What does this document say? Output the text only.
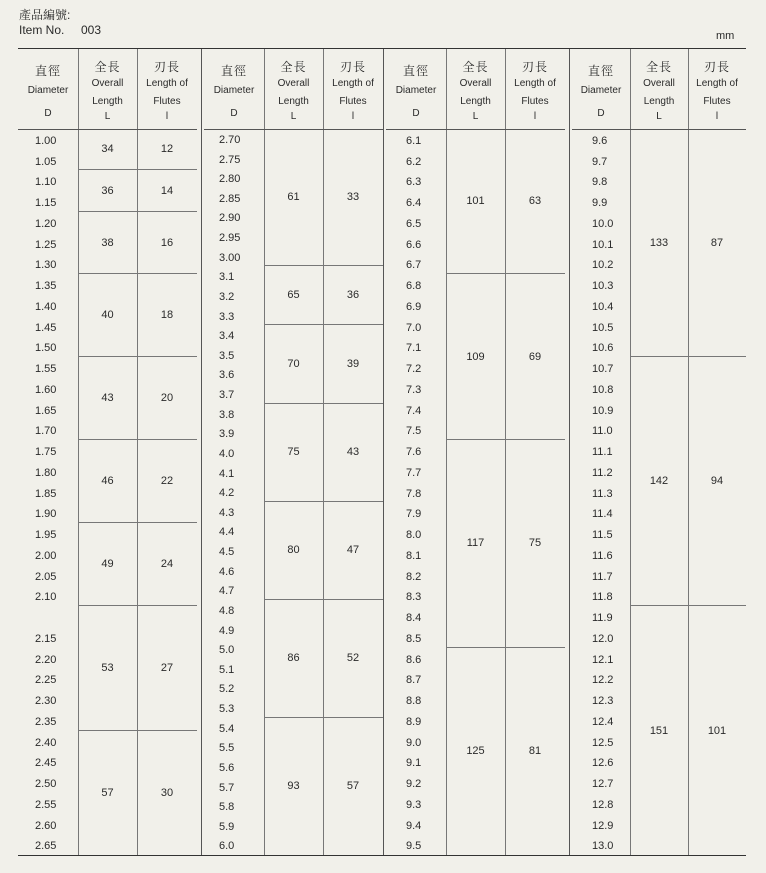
產品編號:
Item No.	003	mm
直徑
Diameter
D
1.00
1.05
1.10
1.15
1.20
1.25
1.30
1.35
1.40
1.45
1.50
1.55
1.60
1.65
1.70
1.75
1.80
1.85
1.90
1.95
2.00
2.05
2.10
2.15
2.20
2.25
2.30
2.35
2.40
2.45
2.50
2.55
2.60
2.65
全長
Overall
Length
L
34
36
38
40
43
46
49
53
57
刃長
Length of
Flutes
l
12
14
16
18
20
22
24
27
30
直徑
Diameter
D
2.70
2.75
2.80
2.85
2.90
2.95
3.00
3.1
3.2
3.3
3.4
3.5
3.6
3.7
3.8
3.9
4.0
4.1
4.2
4.3
4.4
4.5
4.6
4.7
4.8
4.9
5.0
5.1
5.2
5.3
5.4
5.5
5.6
5.7
5.8
5.9
6.0
全長
Overall
Length
L
61
65
70
75
80
86
93
刃長
Length of
Flutes
l
33
36
39
43
47
52
57
直徑
Diameter
D
6.1
6.2
6.3
6.4
6.5
6.6
6.7
6.8
6.9
7.0
7.1
7.2
7.3
7.4
7.5
7.6
7.7
7.8
7.9
8.0
8.1
8.2
8.3
8.4
8.5
8.6
8.7
8.8
8.9
9.0
9.1
9.2
9.3
9.4
9.5
全長
Overall
Length
L
101
109
117
125
刃長
Length of
Flutes
l
63
69
75
81
直徑
Diameter
D
9.6
9.7
9.8
9.9
10.0
10.1
10.2
10.3
10.4
10.5
10.6
10.7
10.8
10.9
11.0
11.1
11.2
11.3
11.4
11.5
11.6
11.7
11.8
11.9
12.0
12.1
12.2
12.3
12.4
12.5
12.6
12.7
12.8
12.9
13.0
全長
Overall
Length
L
133
142
151
刃長
Length of
Flutes
l
87
94
101
